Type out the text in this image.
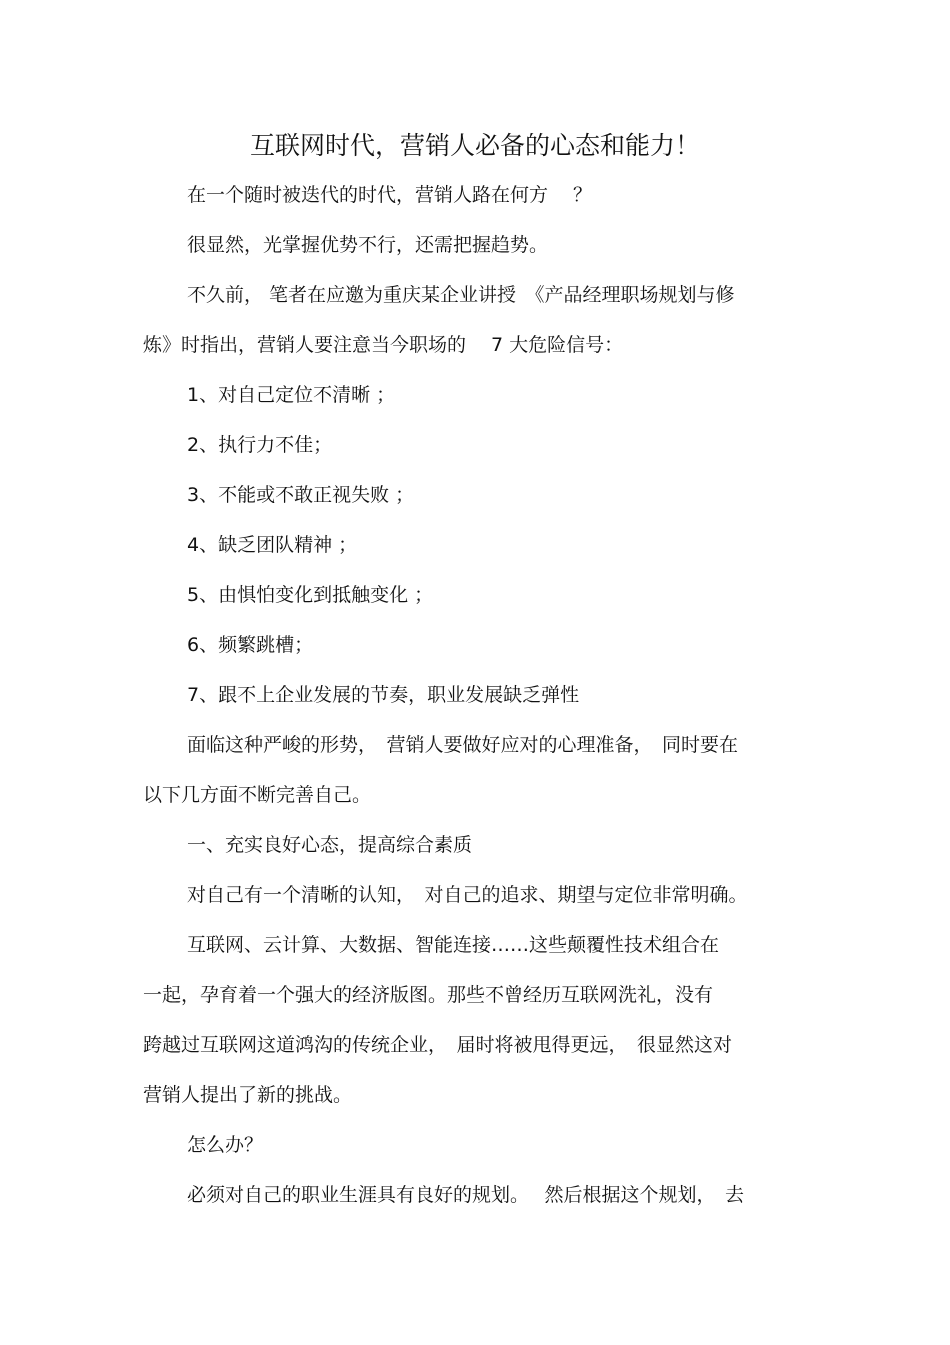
互联网时代，营销人必备的心态和能力！
在一个随时被迭代的时代，营销人路在何方　 ？
很显然，光掌握优势不行，还需把握趋势。
不久前， 笔者在应邀为重庆某企业讲授　《产品经理职场规划与修
炼》时指出，营销人要注意当今职场的　 7 大危险信号：
1、对自己定位不清晰 ；
2、执行力不佳；
3、不能或不敢正视失败 ；
4、缺乏团队精神 ；
5、由惧怕变化到抵触变化 ；
6、频繁跳槽；
7、跟不上企业发展的节奏，职业发展缺乏弹性
面临这种严峻的形势，　营销人要做好应对的心理准备，　同时要在
以下几方面不断完善自己。
一、充实良好心态，提高综合素质
对自己有一个清晰的认知，　对自己的追求、期望与定位非常明确。
互联网、云计算、大数据、智能连接……这些颠覆性技术组合在
一起，孕育着一个强大的经济版图。那些不曾经历互联网洗礼，没有
跨越过互联网这道鸿沟的传统企业，　届时将被甩得更远，　很显然这对
营销人提出了新的挑战。
怎么办？
必须对自己的职业生涯具有良好的规划。　 然后根据这个规划，　去
